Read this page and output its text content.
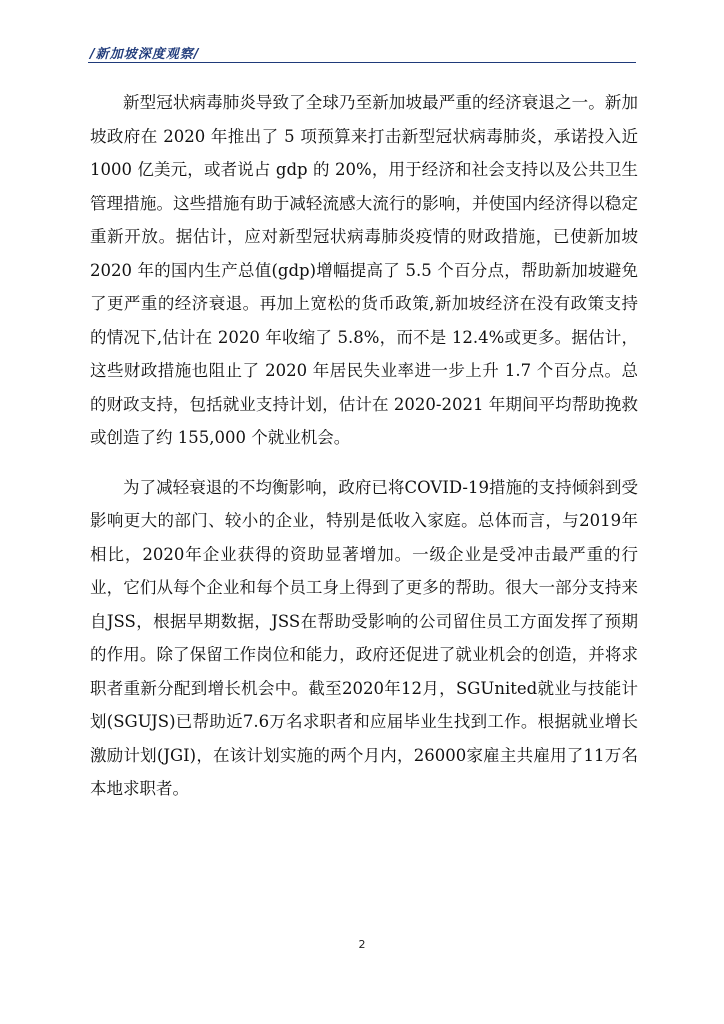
/新加坡深度观察/

新型冠状病毒肺炎导致了全球乃至新加坡最严重的经济衰退之一。新加坡政府在 2020 年推出了 5 项预算来打击新型冠状病毒肺炎，承诺投入近 1000 亿美元，或者说占 gdp 的 20%，用于经济和社会支持以及公共卫生管理措施。这些措施有助于减轻流感大流行的影响，并使国内经济得以稳定重新开放。据估计，应对新型冠状病毒肺炎疫情的财政措施，已使新加坡 2020 年的国内生产总值(gdp)增幅提高了 5.5 个百分点，帮助新加坡避免了更严重的经济衰退。再加上宽松的货币政策,新加坡经济在没有政策支持的情况下,估计在 2020 年收缩了 5.8%，而不是 12.4%或更多。据估计，这些财政措施也阻止了 2020 年居民失业率进一步上升 1.7 个百分点。总的财政支持，包括就业支持计划，估计在 2020-2021 年期间平均帮助挽救或创造了约 155,000 个就业机会。

为了减轻衰退的不均衡影响，政府已将COVID-19措施的支持倾斜到受影响更大的部门、较小的企业，特别是低收入家庭。总体而言，与2019年相比，2020年企业获得的资助显著增加。一级企业是受冲击最严重的行业，它们从每个企业和每个员工身上得到了更多的帮助。很大一部分支持来自JSS，根据早期数据，JSS在帮助受影响的公司留住员工方面发挥了预期的作用。除了保留工作岗位和能力，政府还促进了就业机会的创造，并将求职者重新分配到增长机会中。截至2020年12月，SGUnited就业与技能计划(SGUJS)已帮助近7.6万名求职者和应届毕业生找到工作。根据就业增长激励计划(JGI)，在该计划实施的两个月内，26000家雇主共雇用了11万名本地求职者。

2
